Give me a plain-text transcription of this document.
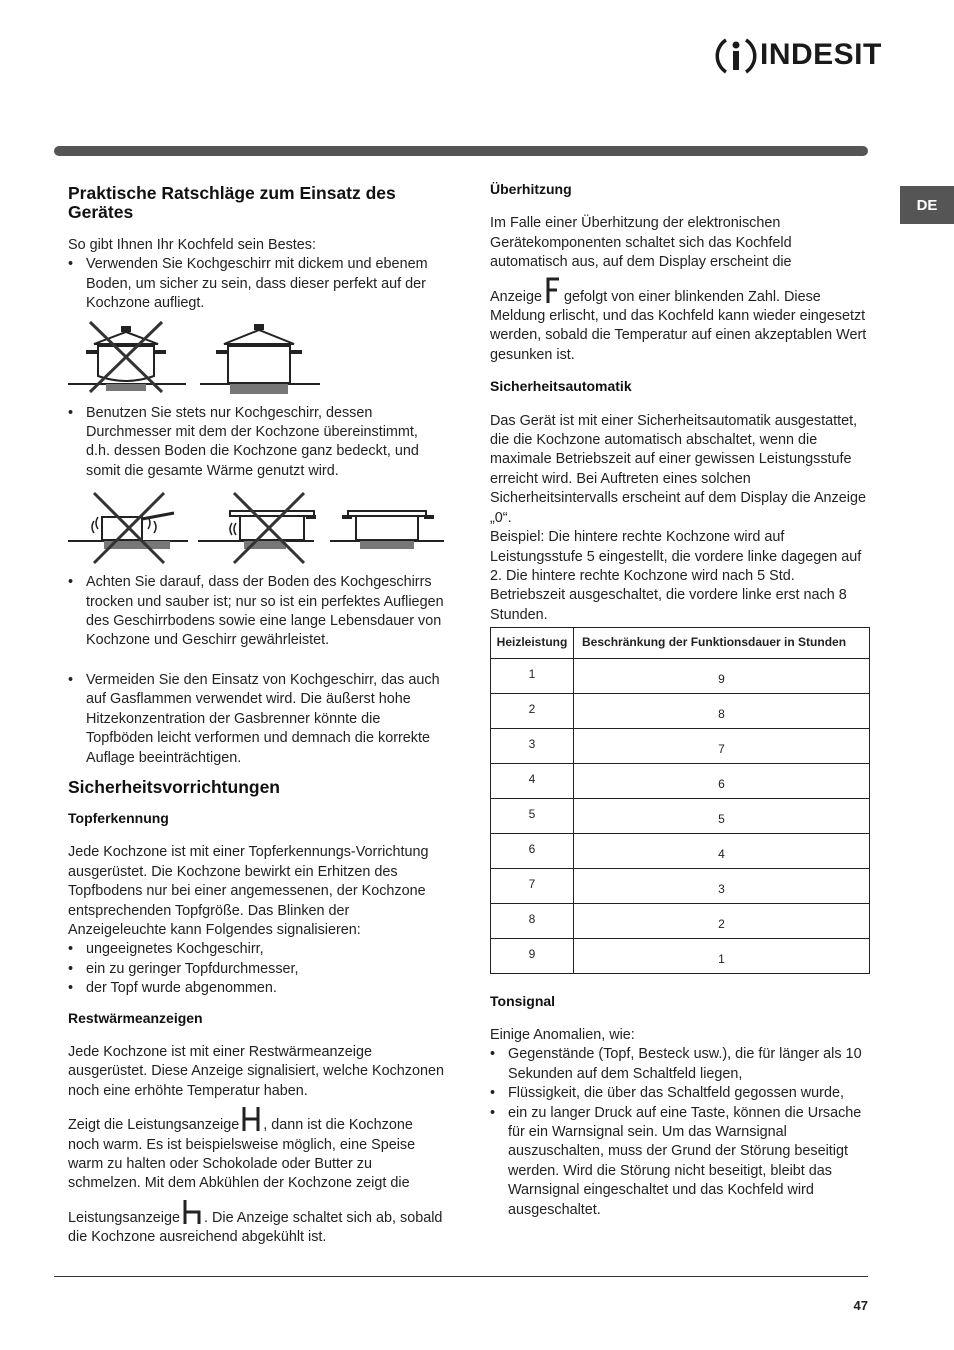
INDESIT
DE
Praktische Ratschläge zum Einsatz des Gerätes

So gibt Ihnen Ihr Kochfeld sein Bestes:

• Verwenden Sie Kochgeschirr mit dickem und ebenem Boden, um sicher zu sein, dass dieser perfekt auf der Kochzone aufliegt.
• Benutzen Sie stets nur Kochgeschirr, dessen Durchmesser mit dem der Kochzone übereinstimmt, d.h. dessen Boden die Kochzone ganz bedeckt, und somit die gesamte Wärme genutzt wird.
• Achten Sie darauf, dass der Boden des Kochgeschirrs trocken und sauber ist; nur so ist ein perfektes Aufliegen des Geschirrbodens sowie eine lange Lebensdauer von Kochzone und Geschirr gewährleistet.
• Vermeiden Sie den Einsatz von Kochgeschirr, das auch auf Gasflammen verwendet wird. Die äußerst hohe Hitzekonzentration der Gasbrenner könnte die Topfböden leicht verformen und demnach die korrekte Auflage beeinträchtigen.
Sicherheitsvorrichtungen
Topferkennung

Jede Kochzone ist mit einer Topferkennungs-Vorrichtung ausgerüstet. Die Kochzone bewirkt ein Erhitzen des Topfbodens nur bei einer angemessenen, der Kochzone entsprechenden Topfgröße. Das Blinken der Anzeigeleuchte kann Folgendes signalisieren:

• ungeeignetes Kochgeschirr,
• ein zu geringer Topfdurchmesser,
• der Topf wurde abgenommen.
Restwärmeanzeigen

Jede Kochzone ist mit einer Restwärmeanzeige ausgerüstet. Diese Anzeige signalisiert, welche Kochzonen noch eine erhöhte Temperatur haben.

Zeigt die Leistungsanzeige , dann ist die Kochzone noch warm. Es ist beispielsweise möglich, eine Speise warm zu halten oder Schokolade oder Butter zu schmelzen. Mit dem Abkühlen der Kochzone zeigt die

Leistungsanzeige . Die Anzeige schaltet sich ab, sobald die Kochzone ausreichend abgekühlt ist.

Überhitzung

Im Falle einer Überhitzung der elektronischen Gerätekomponenten schaltet sich das Kochfeld automatisch aus, auf dem Display erscheint die

Anzeige gefolgt von einer blinkenden Zahl. Diese Meldung erlischt, und das Kochfeld kann wieder eingesetzt werden, sobald die Temperatur auf einen akzeptablen Wert gesunken ist.

Sicherheitsautomatik

Das Gerät ist mit einer Sicherheitsautomatik ausgestattet, die die Kochzone automatisch abschaltet, wenn die maximale Betriebszeit auf einer gewissen Leistungsstufe erreicht wird. Bei Auftreten eines solchen Sicherheitsintervalls erscheint auf dem Display die Anzeige „0“.

Beispiel: Die hintere rechte Kochzone wird auf Leistungsstufe 5 eingestellt, die vordere linke dagegen auf 2. Die hintere rechte Kochzone wird nach 5 Std. Betriebszeit ausgeschaltet, die vordere linke erst nach 8 Stunden.

Heizleistung	Beschränkung der Funktionsdauer in Stunden
1	9
2	8
3	7
4	6
5	5
6	4
7	3
8	2
9	1
Tonsignal

Einige Anomalien, wie:

• Gegenstände (Topf, Besteck usw.), die für länger als 10 Sekunden auf dem Schaltfeld liegen,
• Flüssigkeit, die über das Schaltfeld gegossen wurde,
• ein zu langer Druck auf eine Taste, können die Ursache für ein Warnsignal sein. Um das Warnsignal auszuschalten, muss der Grund der Störung beseitigt werden. Wird die Störung nicht beseitigt, bleibt das Warnsignal eingeschaltet und das Kochfeld wird ausgeschaltet.
47
